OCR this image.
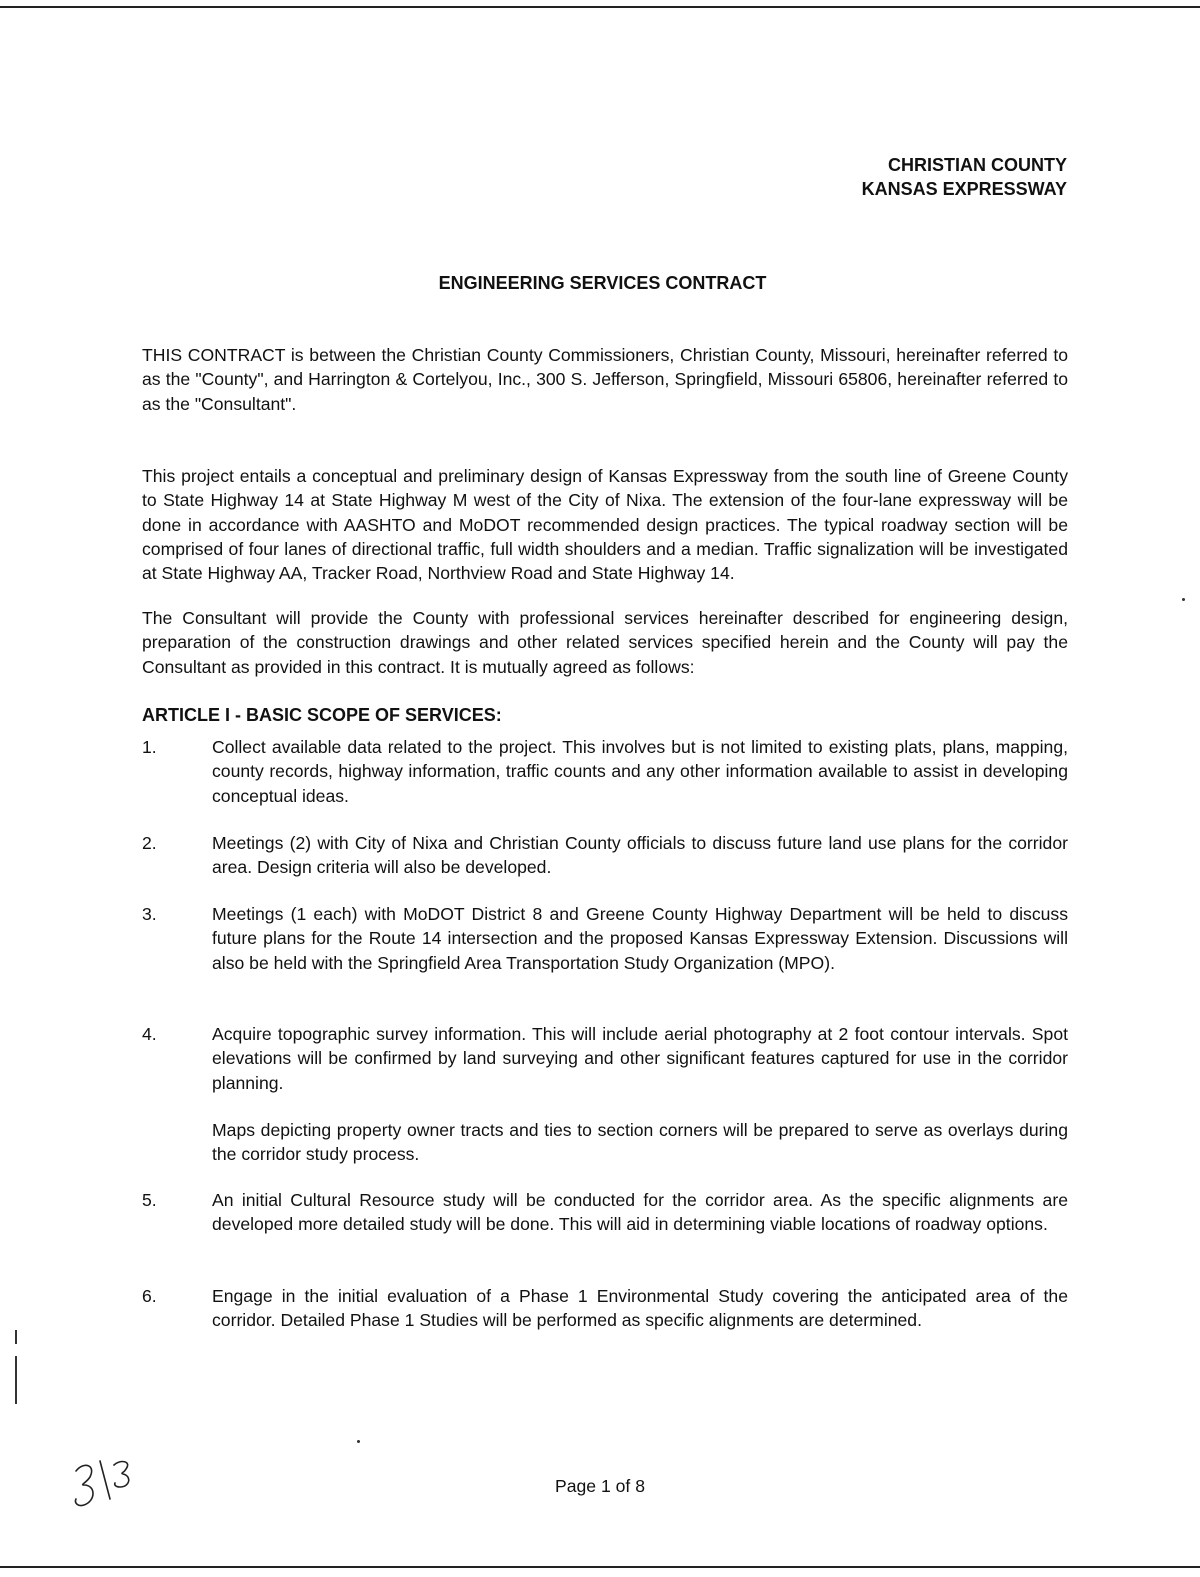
CHRISTIAN COUNTY
KANSAS EXPRESSWAY
ENGINEERING SERVICES CONTRACT
THIS CONTRACT is between the Christian County Commissioners, Christian County, Missouri, hereinafter referred to as the "County", and Harrington & Cortelyou, Inc., 300 S. Jefferson, Springfield, Missouri 65806, hereinafter referred to as the "Consultant".
This project entails a conceptual and preliminary design of Kansas Expressway from the south line of Greene County to State Highway 14 at State Highway M west of the City of Nixa. The extension of the four-lane expressway will be done in accordance with AASHTO and MoDOT recommended design practices. The typical roadway section will be comprised of four lanes of directional traffic, full width shoulders and a median. Traffic signalization will be investigated at State Highway AA, Tracker Road, Northview Road and State Highway 14.
The Consultant will provide the County with professional services hereinafter described for engineering design, preparation of the construction drawings and other related services specified herein and the County will pay the Consultant as provided in this contract. It is mutually agreed as follows:
ARTICLE I - BASIC SCOPE OF SERVICES:
1.	Collect available data related to the project. This involves but is not limited to existing plats, plans, mapping, county records, highway information, traffic counts and any other information available to assist in developing conceptual ideas.
2.	Meetings (2) with City of Nixa and Christian County officials to discuss future land use plans for the corridor area. Design criteria will also be developed.
3.	Meetings (1 each) with MoDOT District 8 and Greene County Highway Department will be held to discuss future plans for the Route 14 intersection and the proposed Kansas Expressway Extension. Discussions will also be held with the Springfield Area Transportation Study Organization (MPO).
4.	Acquire topographic survey information. This will include aerial photography at 2 foot contour intervals. Spot elevations will be confirmed by land surveying and other significant features captured for use in the corridor planning.
Maps depicting property owner tracts and ties to section corners will be prepared to serve as overlays during the corridor study process.
5.	An initial Cultural Resource study will be conducted for the corridor area. As the specific alignments are developed more detailed study will be done. This will aid in determining viable locations of roadway options.
6.	Engage in the initial evaluation of a Phase 1 Environmental Study covering the anticipated area of the corridor. Detailed Phase 1 Studies will be performed as specific alignments are determined.
Page 1 of 8
